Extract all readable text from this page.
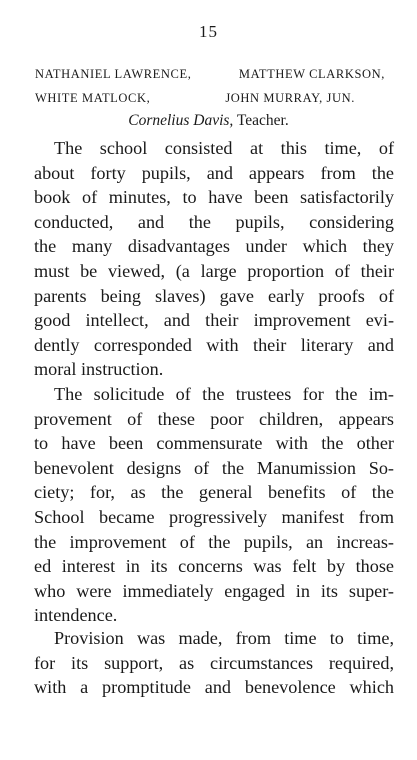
15
NATHANIEL LAWRENCE,	MATTHEW CLARKSON,
WHITE MATLOCK,	JOHN MURRAY, JUN.
Cornelius Davis, Teacher.

The school consisted at this time, of
about forty pupils, and appears from the
book of minutes, to have been satisfactorily
conducted, and the pupils, considering
the many disadvantages under which they
must be viewed, (a large proportion of their
parents being slaves) gave early proofs of
good intellect, and their improvement evi-
dently corresponded with their literary and
moral instruction.

The solicitude of the trustees for the im-
provement of these poor children, appears
to have been commensurate with the other
benevolent designs of the Manumission So-
ciety; for, as the general benefits of the
School became progressively manifest from
the improvement of the pupils, an increas-
ed interest in its concerns was felt by those
who were immediately engaged in its super-
intendence.

Provision was made, from time to time,
for its support, as circumstances required,
with a promptitude and benevolence which
